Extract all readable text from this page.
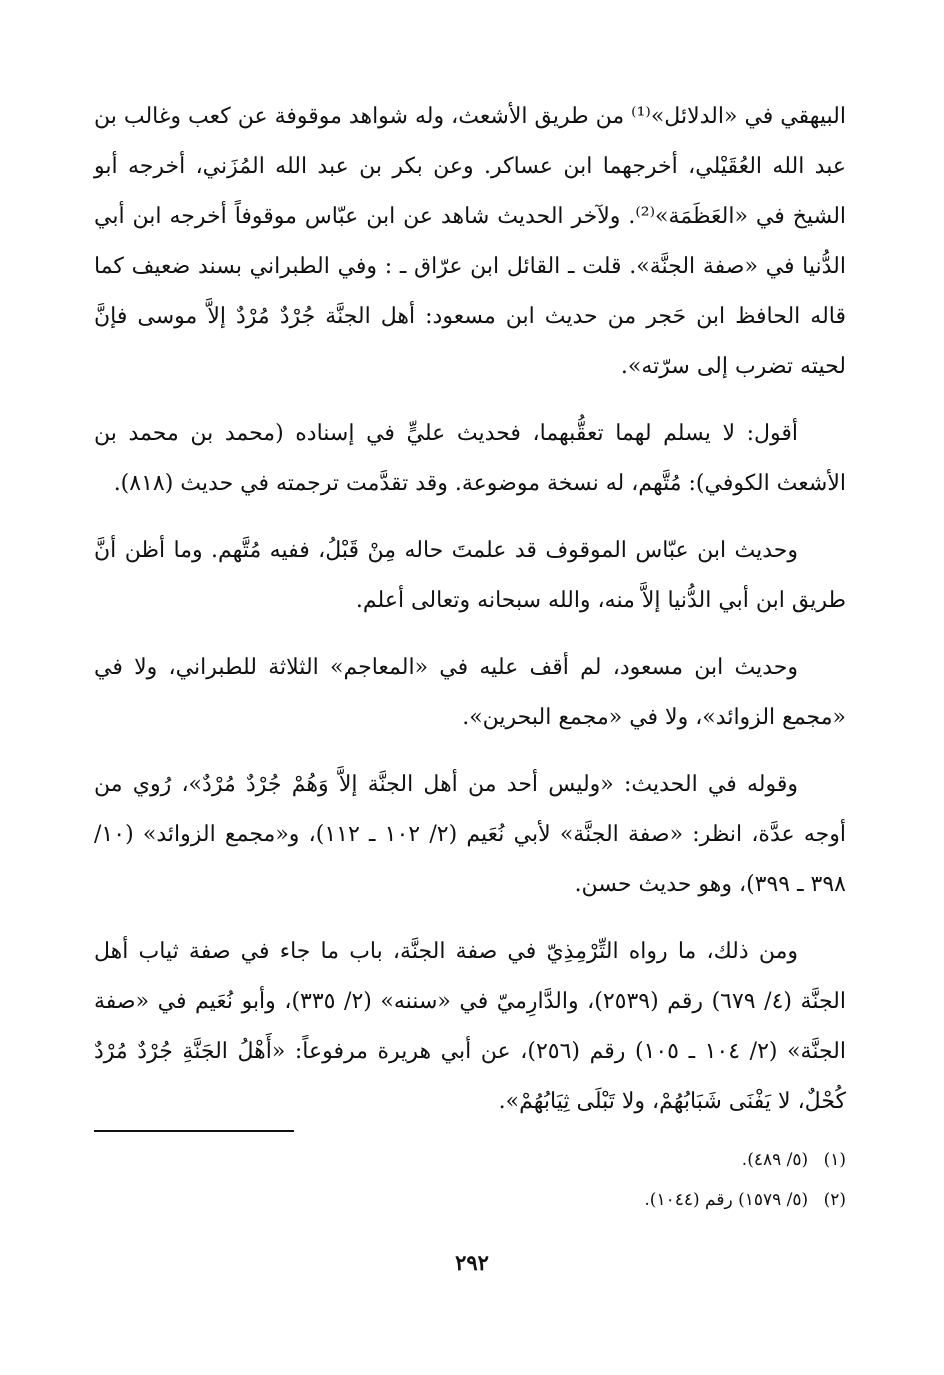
البيهقي في «الدلائل»⁽¹⁾ من طريق الأشعث، وله شواهد موقوفة عن كعب وغالب بن عبد الله العُقَيْلي، أخرجهما ابن عساكر. وعن بكر بن عبد الله المُزَني، أخرجه أبو الشيخ في «العَظَمَة»⁽²⁾. ولآخر الحديث شاهد عن ابن عبّاس موقوفاً أخرجه ابن أبي الدُّنيا في «صفة الجنَّة». قلت ـ القائل ابن عرّاق ـ : وفي الطبراني بسند ضعيف كما قاله الحافظ ابن حَجر من حديث ابن مسعود: أهل الجنَّة جُرْدٌ مُرْدٌ إلاَّ موسى فإنَّ لحيته تضرب إلى سرّته».

أقول: لا يسلم لهما تعقُّبهما، فحديث عليٍّ في إسناده (محمد بن محمد بن الأشعث الكوفي): مُتَّهم، له نسخة موضوعة. وقد تقدَّمت ترجمته في حديث (٨١٨).

وحديث ابن عبّاس الموقوف قد علمتَ حاله مِنْ قَبْلُ، ففيه مُتَّهم. وما أظن أنَّ طريق ابن أبي الدُّنيا إلاَّ منه، والله سبحانه وتعالى أعلم.

وحديث ابن مسعود، لم أقف عليه في «المعاجم» الثلاثة للطبراني، ولا في «مجمع الزوائد»، ولا في «مجمع البحرين».

وقوله في الحديث: «وليس أحد من أهل الجنَّة إلاَّ وَهُمْ جُرْدٌ مُرْدٌ»، رُوي من أوجه عدَّة، انظر: «صفة الجنَّة» لأبي نُعَيم (٢/ ١٠٢ ـ ١١٢)، و«مجمع الزوائد» (١٠/ ٣٩٨ ـ ٣٩٩)، وهو حديث حسن.

ومن ذلك، ما رواه التِّرْمِذِيّ في صفة الجنَّة، باب ما جاء في صفة ثياب أهل الجنَّة (٤/ ٦٧٩) رقم (٢٥٣٩)، والدَّارِميّ في «سننه» (٢/ ٣٣٥)، وأبو نُعَيم في «صفة الجنَّة» (٢/ ١٠٤ ـ ١٠٥) رقم (٢٥٦)، عن أبي هريرة مرفوعاً: «أَهْلُ الجَنَّةِ جُرْدٌ مُرْدٌ كُحْلٌ، لا يَفْنَى شَبَابُهُمْ، ولا تَبْلَى ثِيَابُهُمْ».

(١) (٥/ ٤٨٩).

(٢) (٥/ ١٥٧٩) رقم (١٠٤٤).

٢٩٢
